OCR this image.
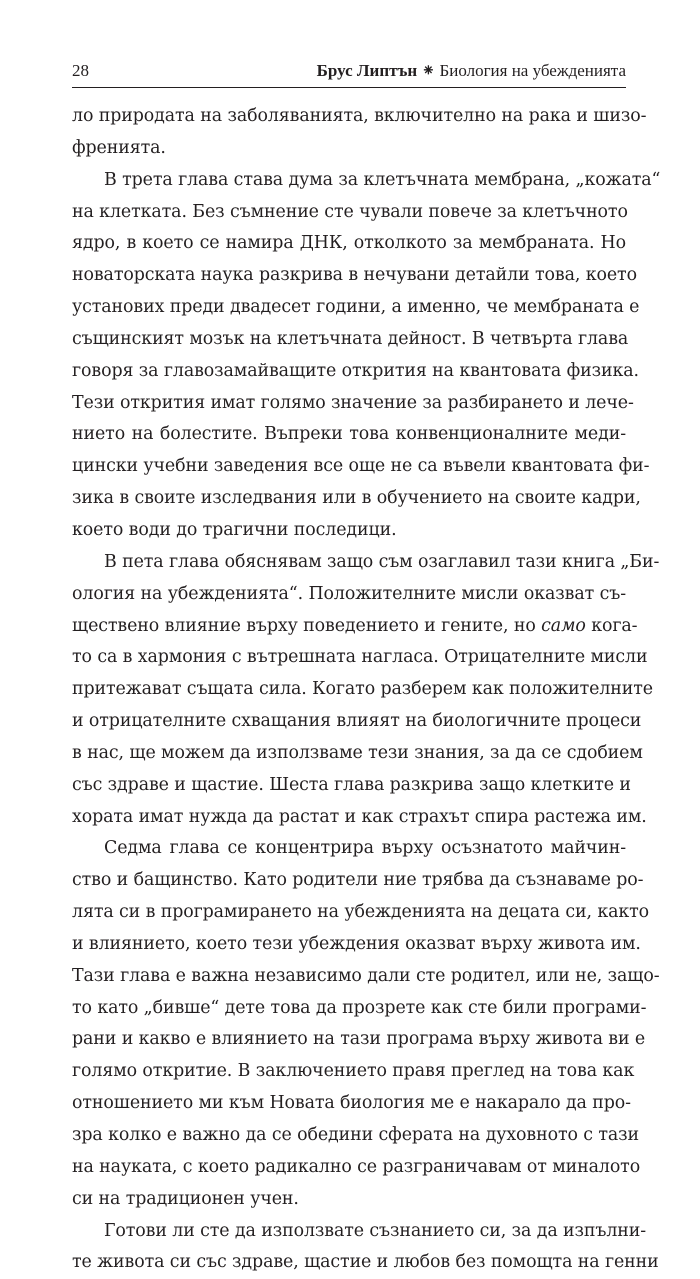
28	Брус Липтън ⁕ Биология на убежденията
ло природата на заболяванията, включително на рака и шизо-
френията.
В трета глава става дума за клетъчната мембрана, „кожата“
на клетката. Без съмнение сте чували повече за клетъчното
ядро, в което се намира ДНК, отколкото за мембраната. Но
новаторската наука разкрива в нечувани детайли това, което
установих преди двадесет години, а именно, че мембраната е
същинският мозък на клетъчната дейност. В четвърта глава
говоря за главозамайващите открития на квантовата физика.
Тези открития имат голямо значение за разбирането и лече-
нието на болестите. Въпреки това конвенционалните меди-
цински учебни заведения все още не са въвели квантовата фи-
зика в своите изследвания или в обучението на своите кадри,
което води до трагични последици.
В пета глава обяснявам защо съм озаглавил тази книга „Би-
ология на убежденията“. Положителните мисли оказват съ-
ществено влияние върху поведението и гените, но само кога-
то са в хармония с вътрешната нагласа. Отрицателните мисли
притежават същата сила. Когато разберем как положителните
и отрицателните схващания влияят на биологичните процеси
в нас, ще можем да използваме тези знания, за да се сдобием
със здраве и щастие. Шеста глава разкрива защо клетките и
хората имат нужда да растат и как страхът спира растежа им.
Седма глава се концентрира върху осъзнатото майчин-
ство и бащинство. Като родители ние трябва да съзнаваме ро-
лята си в програмирането на убежденията на децата си, както
и влиянието, което тези убеждения оказват върху живота им.
Тази глава е важна независимо дали сте родител, или не, защо-
то като „бивше“ дете това да прозрете как сте били програми-
рани и какво е влиянието на тази програма върху живота ви е
голямо откритие. В заключението правя преглед на това как
отношението ми към Новата биология ме е накарало да про-
зра колко е важно да се обедини сферата на духовното с тази
на науката, с което радикално се разграничавам от миналото
си на традиционен учен.
Готови ли сте да използвате съзнанието си, за да изпълни-
те живота си със здраве, щастие и любов без помощта на генни
